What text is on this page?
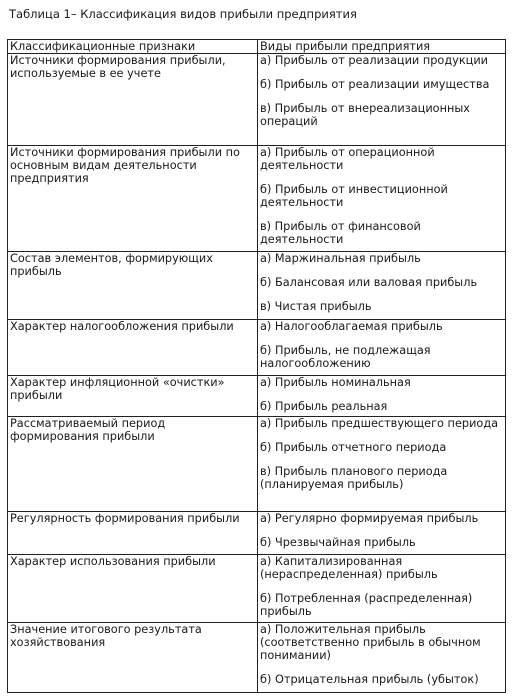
Таблица 1– Классификация видов прибыли предприятия
Классификационные признаки	Виды прибыли предприятия
Источники формирования прибыли, используемые в ее учете	а) Прибыль от реализации продукции
б) Прибыль от реализации имущества
в) Прибыль от внереализационных операций

Источники формирования прибыли по основным видам деятельности предприятия	а) Прибыль от операционной деятельности
б) Прибыль от инвестиционной деятельности
в) Прибыль от финансовой деятельности

Состав элементов, формирующих прибыль	а) Маржинальная прибыль
б) Балансовая или валовая прибыль
в) Чистая прибыль

Характер налогообложения прибыли	а) Налогооблагаемая прибыль
б) Прибыль, не подлежащая налогообложению

Характер инфляционной «очистки» прибыли	а) Прибыль номинальная
б) Прибыль реальная

Рассматриваемый период формирования прибыли	а) Прибыль предшествующего периода
б) Прибыль отчетного периода
в) Прибыль планового периода (планируемая прибыль)

Регулярность формирования прибыли	а) Регулярно формируемая прибыль
б) Чрезвычайная прибыль

Характер использования прибыли	а) Капитализированная (нераспределенная) прибыль
б) Потребленная (распределенная) прибыль

Значение итогового результата хозяйствования	а) Положительная прибыль (соответственно прибыль в обычном понимании)
б) Отрицательная прибыль (убыток)
